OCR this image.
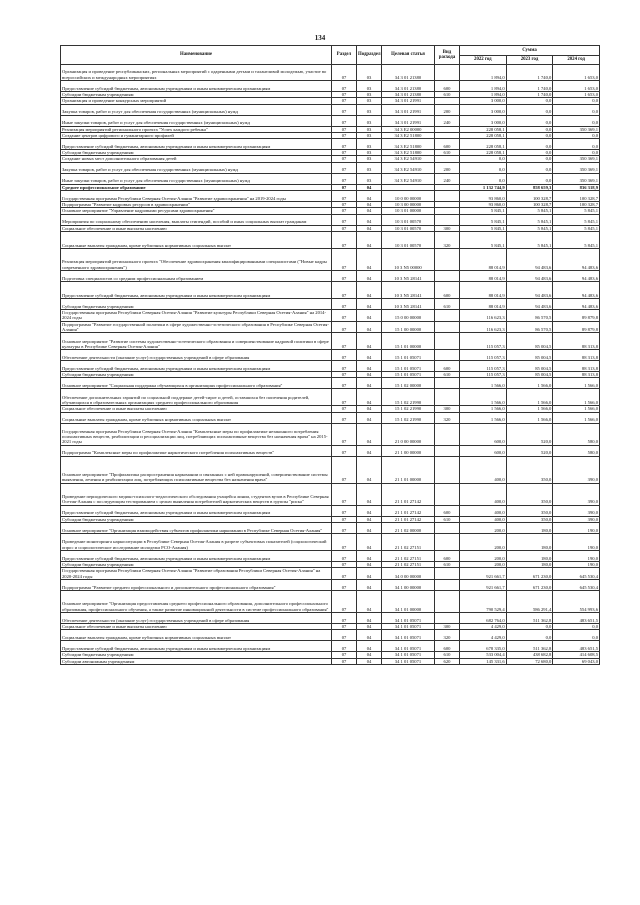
134
Наименование	Раздел	Подраздел	Целевая статья	Вид расхода	Сумма		
					2022 год	2023 год	2024 год
Организация и проведение республиканских, региональных мероприятий с одаренными детьми и талантливой молодежью, участие во всероссийских и международных мероприятиях	07	03	34 3 01 21380		1 894,0	1 740,0	1 653,0
Предоставление субсидий бюджетным, автономным учреждениям и иным некоммерческим организациям	07	03	34 3 01 21380	600	1 894,0	1 740,0	1 653,0
Субсидии бюджетным учреждениям	07	03	34 3 01 21380	610	1 894,0	1 740,0	1 653,0
Организация и проведение конкурсных мероприятий	07	03	34 3 01 21991		3 000,0	0,0	0,0
Закупка товаров, работ и услуг для обеспечения государственных (муниципальных) нужд	07	03	34 3 01 21991	200	3 000,0	0,0	0,0
Иные закупки товаров, работ и услуг для обеспечения государственных (муниципальных) нужд	07	03	34 3 01 21991	240	3 000,0	0,0	0,0
Реализация мероприятий регионального проекта "Успех каждого ребенка"	07	03	34 3 E2 00000		228 058,1	0,0	350 369,1
Создание центров цифрового и гуманитарного профилей	07	03	34 3 E2 51800		228 058,1	0,0	0,0
Предоставление субсидий бюджетным, автономным учреждениям и иным некоммерческим организациям	07	03	34 3 E2 51800	600	228 058,1	0,0	0,0
Субсидии бюджетным учреждениям	07	03	34 3 E2 51800	610	228 058,1	0,0	0,0
Создание новых мест дополнительного образования детей	07	03	34 3 E2 54910		0,0	0,0	350 369,1
Закупка товаров, работ и услуг для обеспечения государственных (муниципальных) нужд	07	03	34 3 E2 54910	200	0,0	0,0	350 369,1
Иные закупки товаров, работ и услуг для обеспечения государственных (муниципальных) нужд	07	03	34 3 E2 54910	240	0,0	0,0	350 369,1
Среднее профессиональное образование	07	04			1 132 744,9	858 659,3	836 318,9
Государственная программа Республики Северная Осетия-Алания "Развитие здравоохранения" на 2019-2024 годы	07	04	10 0 00 00000		93 860,0	100 328,7	100 328,7
Подпрограмма "Развитие кадровых ресурсов в здравоохранении"	07	04	10 3 00 00000		93 860,0	100 328,7	100 328,7
Основное мероприятие "Управление кадровыми ресурсами здравоохранения"	07	04	10 3 01 00000		5 845,1	5 845,1	5 845,1
Мероприятия по социальному обеспечению населения, выплаты стипендий, пособий и иных социальных выплат гражданам	07	04	10 3 01 00570		5 845,1	5 845,1	5 845,1
Социальное обеспечение и иные выплаты населению	07	04	10 3 01 00570	300	5 845,1	5 845,1	5 845,1
Социальные выплаты гражданам, кроме публичных нормативных социальных выплат	07	04	10 3 01 00570	320	5 845,1	5 845,1	5 845,1
Реализация мероприятий регионального проекта "Обеспечение здравоохранения квалифицированными специалистами ("Новые кадры современного здравоохранения")	07	04	10 3 N5 00000		88 014,9	94 483,6	94 483,6
Подготовка специалистов со средним профессиональным образованием	07	04	10 3 N5 28141		88 014,9	94 483,6	94 483,6
Предоставление субсидий бюджетным, автономным учреждениям и иным некоммерческим организациям	07	04	10 3 N5 28141	600	88 014,9	94 483,6	94 483,6
Субсидии бюджетным учреждениям	07	04	10 3 N5 28141	610	88 014,9	94 483,6	94 483,6
Государственная программа Республики Северная Осетия-Алания "Развитие культуры Республики Северная Осетия-Алания" на 2014-2024 годы	07	04	15 0 00 00000		116 623,3	86 570,5	89 879,8
Подпрограмма "Развитие государственной политики в сфере художественно-эстетического образования в Республике Северная Осетия-Алания"	07	04	15 1 00 00000		116 623,3	86 570,5	89 879,8
Основное мероприятие "Развитие системы художественно-эстетического образования и совершенствование кадровой политики в сфере культуры в Республике Северная Осетия-Алания"	07	04	15 1 01 00000		115 057,3	85 004,5	88 313,8
Обеспечение деятельности (оказание услуг) государственных учреждений в сфере образования	07	04	15 1 01 05071		115 057,3	85 004,5	88 313,8
Предоставление субсидий бюджетным, автономным учреждениям и иным некоммерческим организациям	07	04	15 1 01 05071	600	115 057,3	85 004,5	88 313,8
Субсидии бюджетным учреждениям	07	04	15 1 01 05071	610	115 057,3	85 004,5	88 313,8
Основное мероприятие "Социальная поддержка обучающихся в организациях профессионального образования"	07	04	15 1 02 00000		1 566,0	1 566,0	1 566,0
Обеспечение дополнительных гарантий по социальной поддержке детей-сирот и детей, оставшихся без попечения родителей, обучающихся в образовательных организациях среднего профессионального образования	07	04	15 1 02 21990		1 566,0	1 566,0	1 566,0
Социальное обеспечение и иные выплаты населению	07	04	15 1 02 21990	300	1 566,0	1 566,0	1 566,0
Социальные выплаты гражданам, кроме публичных нормативных социальных выплат	07	04	15 1 02 21990	320	1 566,0	1 566,0	1 566,0
Государственная программа Республики Северная Осетия-Алания "Комплексные меры по профилактике незаконного потребления психоактивных веществ, реабилитации и ресоциализации лиц, потребляющих психоактивные вещества без назначения врача" на 2015-2021 годы	07	04	21 0 00 00000		600,0	520,0	580,0
Подпрограмма "Комплексные меры по профилактике наркотического потребления психоактивных веществ"	07	04	21 1 00 00000		600,0	520,0	580,0
Основное мероприятие "Профилактика распространения наркомании и связанных с ней правонарушений, совершенствование системы выявления, лечения и реабилитации лиц, потребляющих психоактивные вещества без назначения врача"	07	04	21 1 01 00000		400,0	350,0	390,0
Проведение периодического медико-психолого-педагогического обследования учащейся линии, студентов вузов в Республике Северная Осетия-Алания с последующим тестированием с целью выявления потребителей наркотических веществ в группы "риска"	07	04	21 1 01 27142		400,0	350,0	390,0
Предоставление субсидий бюджетным, автономным учреждениям и иным некоммерческим организациям	07	04	21 1 01 27142	600	400,0	350,0	390,0
Субсидии бюджетным учреждениям	07	04	21 1 01 27142	610	400,0	350,0	390,0
Основное мероприятие "Организация взаимодействия субъектов профилактики наркомании в Республике Северная Осетия-Алания"	07	04	21 1 02 00000		200,0	180,0	190,0
Проведение мониторинга наркоситуации в Республике Северная Осетия-Алания в разрезе субъектовых показателей (социологический опрос и социологическое исследование молодежи РСО-Алания)	07	04	21 1 02 27151		200,0	180,0	190,0
Предоставление субсидий бюджетным, автономным учреждениям и иным некоммерческим организациям	07	04	21 1 02 27151	600	200,0	180,0	190,0
Субсидии бюджетным учреждениям	07	04	21 1 02 27151	610	200,0	180,0	190,0
Государственная программа Республики Северная Осетия-Алания "Развитие образования Республики Северная Осетия-Алания" на 2020-2024 годы	07	04	34 0 00 00000		921 661,7	671 230,0	645 530,4
Подпрограмма "Развитие среднего профессионального и дополнительного профессионального образования"	07	04	34 1 00 00000		921 661,7	671 230,0	645 530,4
Основное мероприятие "Организация предоставления среднего профессионального образования, дополнительного профессионального образования, профессионального обучения, а также развитие инновационной деятельности в системе профессионального образования"	07	04	34 1 01 00000		790 529,4	586 291,4	554 993,6
Обеспечение деятельности (оказание услуг) государственных учреждений в сфере образования	07	04	34 1 01 05071		682 764,0	511 362,8	483 651,5
Социальное обеспечение и иные выплаты населению	07	04	34 1 01 05071	300	4 429,0	0,0	0,0
Социальные выплаты гражданам, кроме публичных нормативных социальных выплат	07	04	34 1 01 05071	320	4 429,0	0,0	0,0
Предоставление субсидий бюджетным, автономным учреждениям и иным некоммерческим организациям	07	04	34 1 01 05071	600	678 335,0	511 362,8	483 651,5
Субсидии бюджетным учреждениям	07	04	34 1 01 05071	610	533 004,4	438 682,8	414 608,5
Субсидии автономным учреждениям	07	04	34 1 01 05071	620	145 331,6	72 680,0	69 043,0
